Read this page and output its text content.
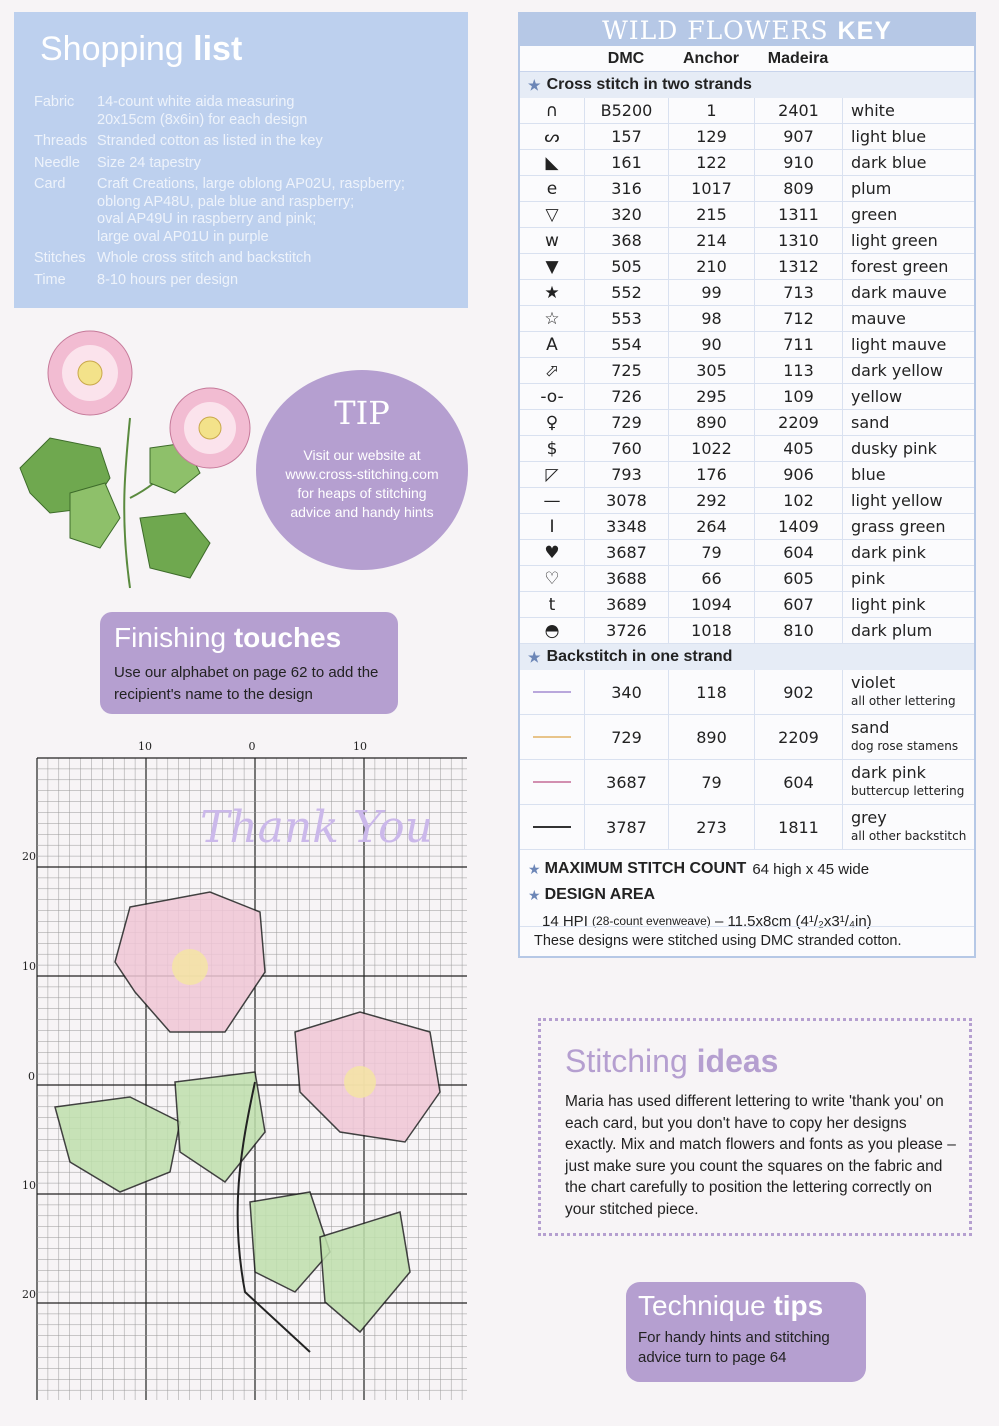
Shopping list
Fabric	14-count white aida measuring
20x15cm (8x6in) for each design
Threads Stranded cotton as listed in the key
Needle	Size 24 tapestry
Card	Craft Creations, large oblong AP02U, raspberry;
oblong AP48U, pale blue and raspberry;
oval AP49U in raspberry and pink;
large oval AP01U in purple
Stitches Whole cross stitch and backstitch
Time	8-10 hours per design
TIP
Visit our website at www.cross-stitching.com for heaps of stitching advice and handy hints
Finishing touches
Use our alphabet on page 62 to add the recipient's name to the design
10	0	10
20
10
0
10
20
Thank You
WILD FLOWERS KEY
DMC	Anchor	Madeira
★ Cross stitch in two strands
∩	B5200	1	2401	white
ᔕ	157	129	907	light blue
◣	161	122	910	dark blue
e	316	1017	809	plum
▽	320	215	1311	green
w	368	214	1310	light green
▼	505	210	1312	forest green
★	552	99	713	dark mauve
☆	553	98	712	mauve
A	554	90	711	light mauve
⬀	725	305	113	dark yellow
-o-	726	295	109	yellow
♀	729	890	2209	sand
$	760	1022	405	dusky pink
◸	793	176	906	blue
—	3078	292	102	light yellow
I	3348	264	1409	grass green
♥	3687	79	604	dark pink
♡	3688	66	605	pink
t	3689	1094	607	light pink
◓	3726	1018	810	dark plum
★ Backstitch in one strand
340	118	902	violet
all other lettering
729	890	2209	sand
dog rose stamens
3687	79	604	dark pink
buttercup lettering
3787	273	1811	grey
all other backstitch
★ MAXIMUM STITCH COUNT 64 high x 45 wide
★ DESIGN AREA
14 HPI
(28-count evenweave)
– 11.5x8cm (4¹/₂x3¹/₄in)
These designs were stitched using DMC stranded cotton.
Stitching ideas
Maria has used different lettering to write 'thank you' on each card, but you don't have to copy her designs exactly. Mix and match flowers and fonts as you please – just make sure you count the squares on the fabric and the chart carefully to position the lettering correctly on your stitched piece.
Technique tips
For handy hints and stitching advice turn to page 64
